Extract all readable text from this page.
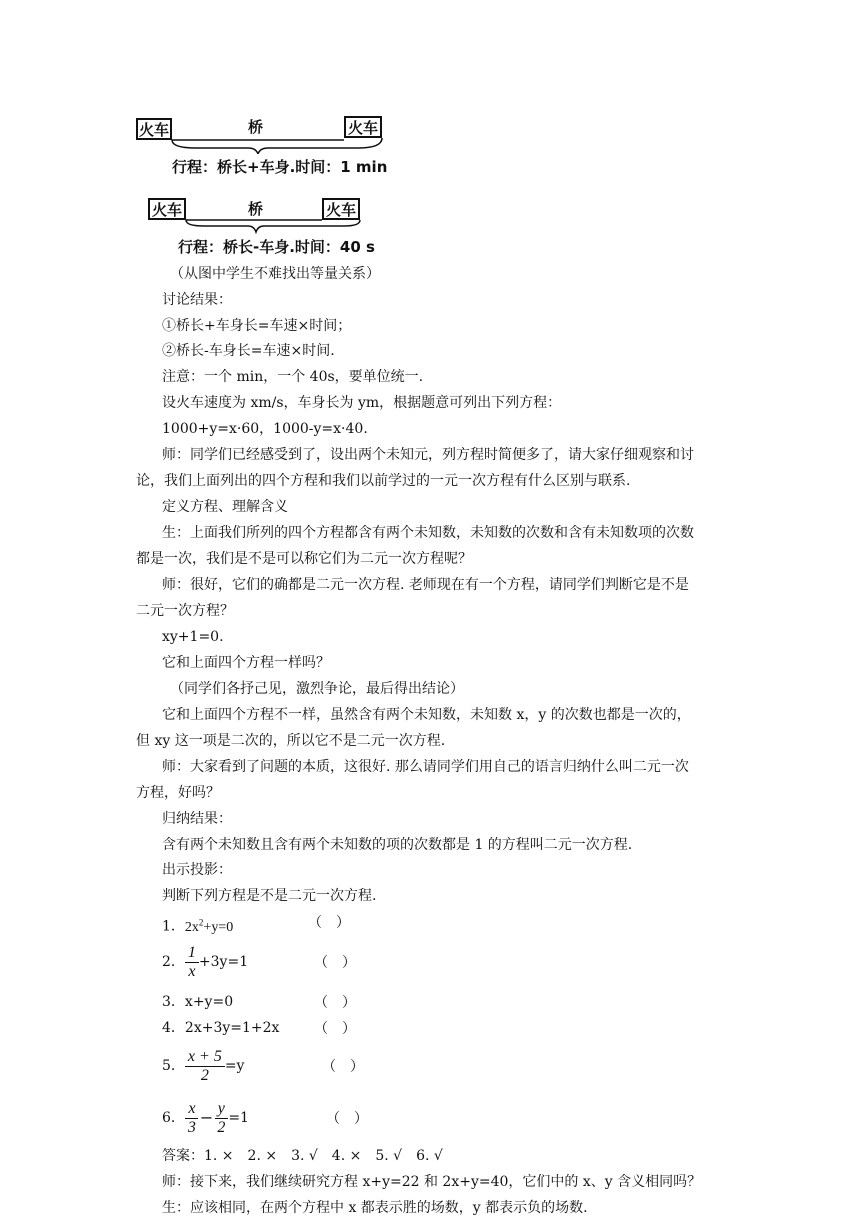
火车	桥	火车
行程：桥长+车身.时间：1 min
火车	桥	火车
行程：桥长-车身.时间：40 s
（从图中学生不难找出等量关系）
讨论结果：
①桥长+车身长=车速×时间；
②桥长-车身长=车速×时间.
注意：一个 min，一个 40s，要单位统一.
设火车速度为 xm/s，车身长为 ym，根据题意可列出下列方程：
1000+y=x·60，1000-y=x·40.
师：同学们已经感受到了，设出两个未知元，列方程时简便多了，请大家仔细观察和讨
论，我们上面列出的四个方程和我们以前学过的一元一次方程有什么区别与联系.
定义方程、理解含义
生：上面我们所列的四个方程都含有两个未知数，未知数的次数和含有未知数项的次数
都是一次，我们是不是可以称它们为二元一次方程呢？
师：很好，它们的确都是二元一次方程. 老师现在有一个方程，请同学们判断它是不是
二元一次方程？
xy+1=0.
它和上面四个方程一样吗？
（同学们各抒己见，激烈争论，最后得出结论）
它和上面四个方程不一样，虽然含有两个未知数，未知数 x，y 的次数也都是一次的，
但 xy 这一项是二次的，所以它不是二元一次方程.
师：大家看到了问题的本质，这很好. 那么请同学们用自己的语言归纳什么叫二元一次
方程，好吗？
归纳结果：
含有两个未知数且含有两个未知数的项的次数都是 1 的方程叫二元一次方程.
出示投影：
判断下列方程是不是二元一次方程.
1．$2x^2+y=0$	（　）
2． $\frac{1}{x} +3y=1$	（　）
3．x+y=0	（　）
4．2x+3y=1+2x （　）
5． $\frac{x + 5}{2} =y$	（　）
6． $\frac{x}{3} - \frac{y}{2} =1$	（　）
答案：1. ×　2. ×　3. √　4. ×　5. √　6. √
师：接下来，我们继续研究方程 x+y=22 和 2x+y=40，它们中的 x、y 含义相同吗？
生：应该相同，在两个方程中 x 都表示胜的场数，y 都表示负的场数.
